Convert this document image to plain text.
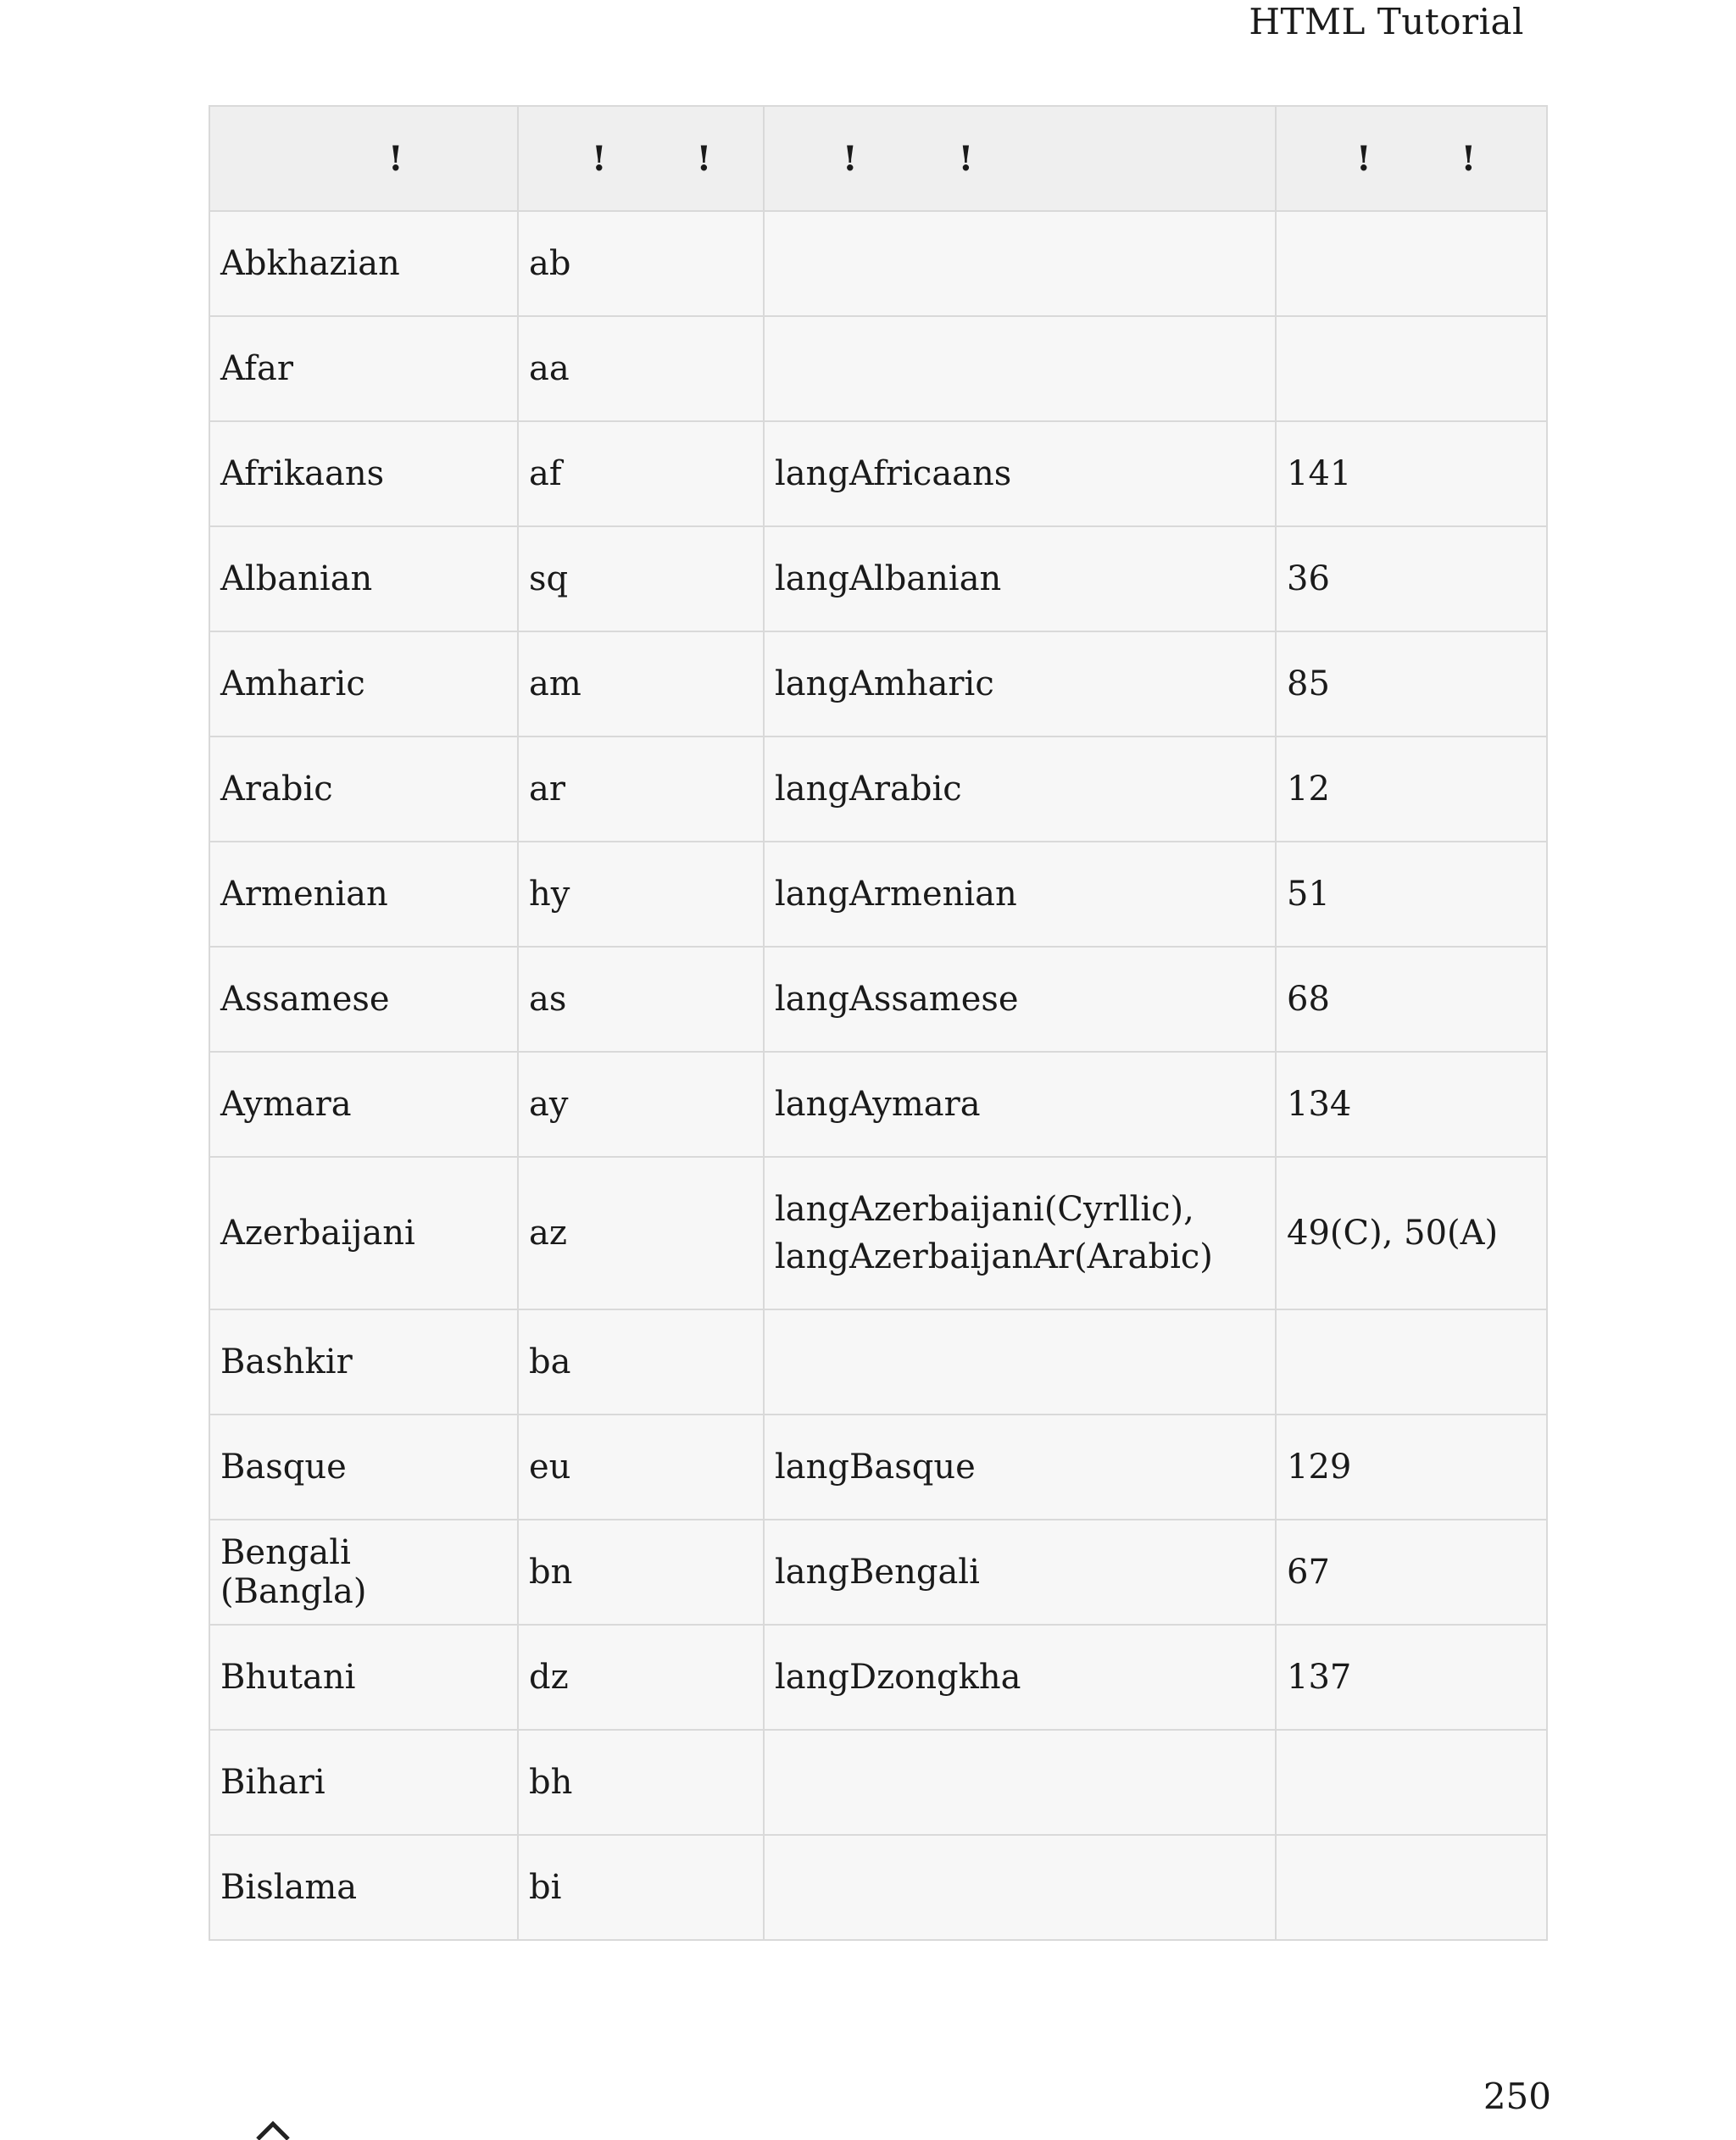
HTML Tutorial
!	! !	! !	! !
Abkhazian	ab		
Afar	aa		
Afrikaans	af	langAfricaans	141
Albanian	sq	langAlbanian	36
Amharic	am	langAmharic	85
Arabic	ar	langArabic	12
Armenian	hy	langArmenian	51
Assamese	as	langAssamese	68
Aymara	ay	langAymara	134
Azerbaijani	az	langAzerbaijani(Cyrllic),
langAzerbaijanAr(Arabic)	49(C), 50(A)
Bashkir	ba		
Basque	eu	langBasque	129
Bengali (Bangla)	bn	langBengali	67
Bhutani	dz	langDzongkha	137
Bihari	bh		
Bislama	bi		
250
